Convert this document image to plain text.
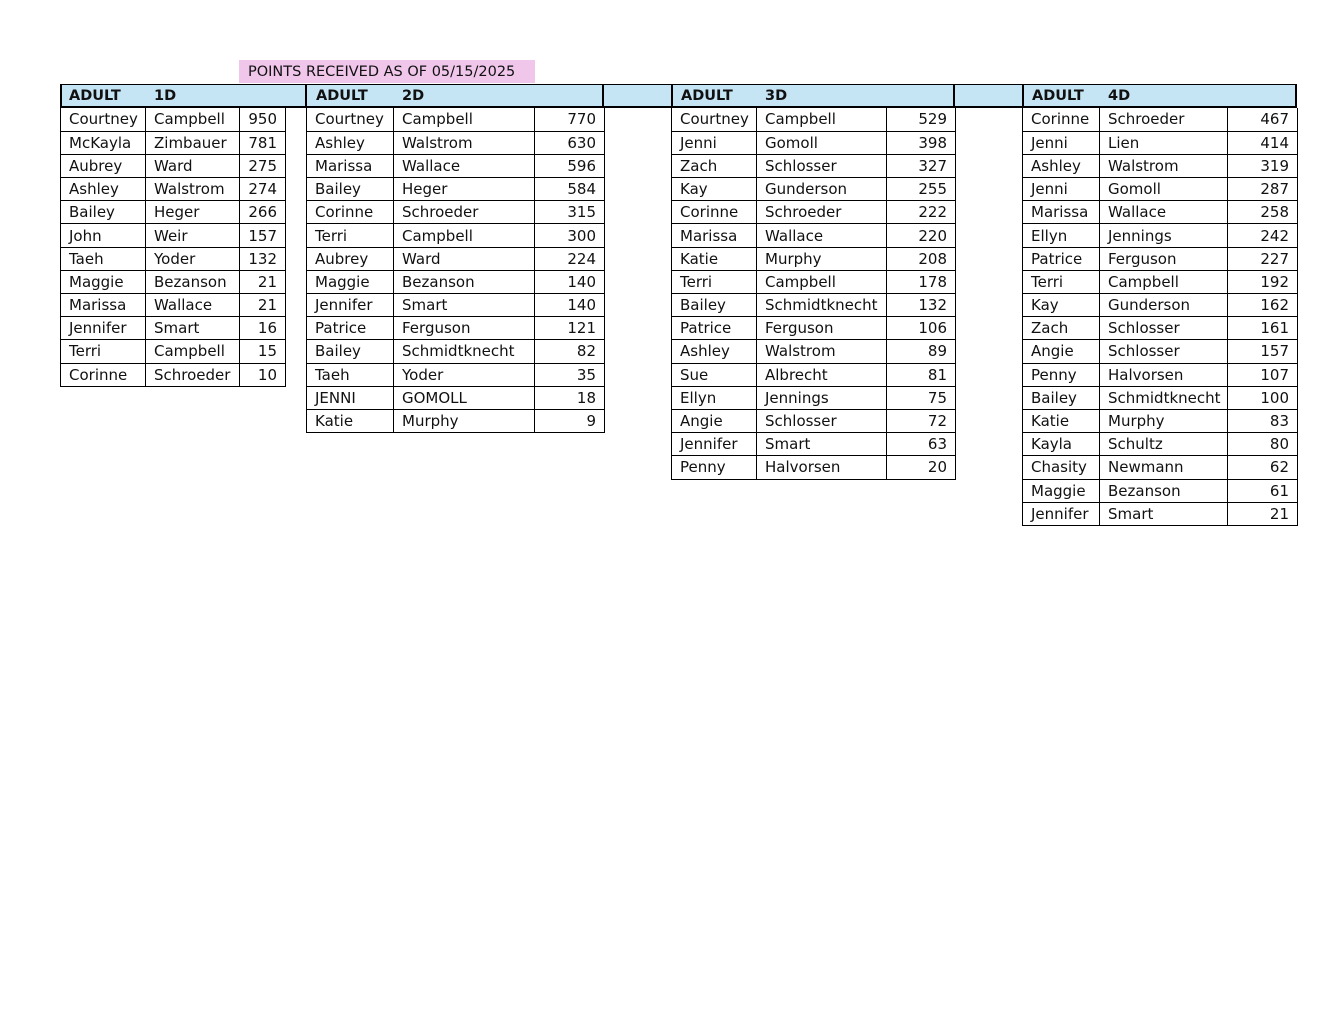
POINTS RECEIVED AS OF 05/15/2025
ADULT 1D
Courtney	Campbell	950
McKayla	Zimbauer	781
Aubrey	Ward	275
Ashley	Walstrom	274
Bailey	Heger	266
John	Weir	157
Taeh	Yoder	132
Maggie	Bezanson	21
Marissa	Wallace	21
Jennifer	Smart	16
Terri	Campbell	15
Corinne	Schroeder	10
ADULT 2D
Courtney	Campbell	770
Ashley	Walstrom	630
Marissa	Wallace	596
Bailey	Heger	584
Corinne	Schroeder	315
Terri	Campbell	300
Aubrey	Ward	224
Maggie	Bezanson	140
Jennifer	Smart	140
Patrice	Ferguson	121
Bailey	Schmidtknecht	82
Taeh	Yoder	35
JENNI	GOMOLL	18
Katie	Murphy	9
ADULT 3D
Courtney	Campbell	529
Jenni	Gomoll	398
Zach	Schlosser	327
Kay	Gunderson	255
Corinne	Schroeder	222
Marissa	Wallace	220
Katie	Murphy	208
Terri	Campbell	178
Bailey	Schmidtknecht	132
Patrice	Ferguson	106
Ashley	Walstrom	89
Sue	Albrecht	81
Ellyn	Jennings	75
Angie	Schlosser	72
Jennifer	Smart	63
Penny	Halvorsen	20
ADULT 4D
Corinne	Schroeder	467
Jenni	Lien	414
Ashley	Walstrom	319
Jenni	Gomoll	287
Marissa	Wallace	258
Ellyn	Jennings	242
Patrice	Ferguson	227
Terri	Campbell	192
Kay	Gunderson	162
Zach	Schlosser	161
Angie	Schlosser	157
Penny	Halvorsen	107
Bailey	Schmidtknecht	100
Katie	Murphy	83
Kayla	Schultz	80
Chasity	Newmann	62
Maggie	Bezanson	61
Jennifer	Smart	21
